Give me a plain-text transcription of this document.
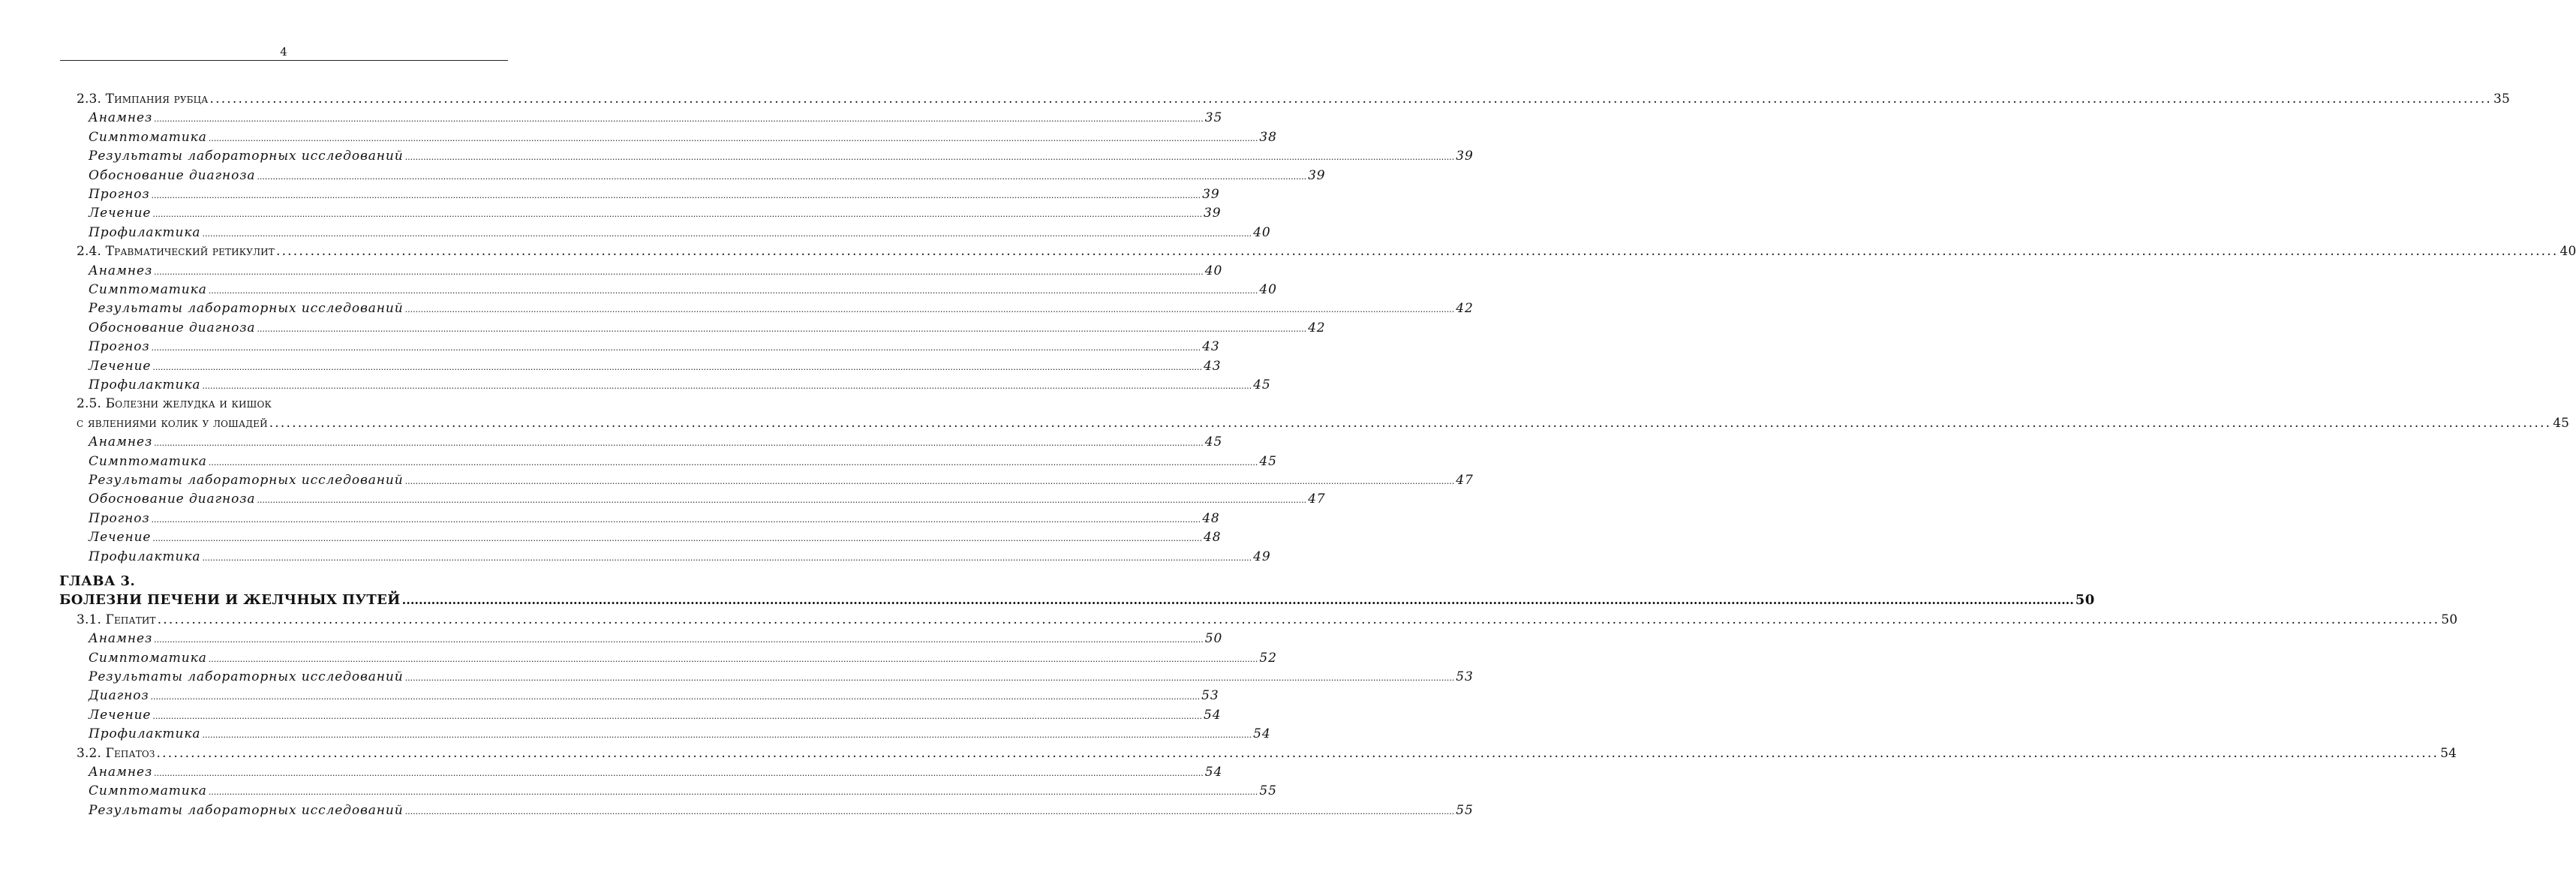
4
2.3. Тимпания рубца ................................................................................................................................................................................................................................................................................................................................................................................................................ 35
Анамнез ................................................................................................................................................................................................................................................................................................................................................................................................................ 35
Симптоматика ................................................................................................................................................................................................................................................................................................................................................................................................................ 38
Результаты лабораторных исследований ................................................................................................................................................................................................................................................................................................................................................................................................................ 39
Обоснование диагноза ................................................................................................................................................................................................................................................................................................................................................................................................................ 39
Прогноз ................................................................................................................................................................................................................................................................................................................................................................................................................ 39
Лечение ................................................................................................................................................................................................................................................................................................................................................................................................................ 39
Профилактика ................................................................................................................................................................................................................................................................................................................................................................................................................ 40
2.4. Травматический ретикулит ................................................................................................................................................................................................................................................................................................................................................................................................................ 40
Анамнез ................................................................................................................................................................................................................................................................................................................................................................................................................ 40
Симптоматика ................................................................................................................................................................................................................................................................................................................................................................................................................ 40
Результаты лабораторных исследований ................................................................................................................................................................................................................................................................................................................................................................................................................ 42
Обоснование диагноза ................................................................................................................................................................................................................................................................................................................................................................................................................ 42
Прогноз ................................................................................................................................................................................................................................................................................................................................................................................................................ 43
Лечение ................................................................................................................................................................................................................................................................................................................................................................................................................ 43
Профилактика ................................................................................................................................................................................................................................................................................................................................................................................................................ 45
2.5. Болезни желудка и кишок
с явлениями колик у лошадей ................................................................................................................................................................................................................................................................................................................................................................................................................ 45
Анамнез ................................................................................................................................................................................................................................................................................................................................................................................................................ 45
Симптоматика ................................................................................................................................................................................................................................................................................................................................................................................................................ 45
Результаты лабораторных исследований ................................................................................................................................................................................................................................................................................................................................................................................................................ 47
Обоснование диагноза ................................................................................................................................................................................................................................................................................................................................................................................................................ 47
Прогноз ................................................................................................................................................................................................................................................................................................................................................................................................................ 48
Лечение ................................................................................................................................................................................................................................................................................................................................................................................................................ 48
Профилактика ................................................................................................................................................................................................................................................................................................................................................................................................................ 49
ГЛАВА 3.
БОЛЕЗНИ ПЕЧЕНИ И ЖЕЛЧНЫХ ПУТЕЙ ................................................................................................................................................................................................................................................................................................................................................................................................................ 50
3.1. Гепатит ................................................................................................................................................................................................................................................................................................................................................................................................................ 50
Анамнез ................................................................................................................................................................................................................................................................................................................................................................................................................ 50
Симптоматика ................................................................................................................................................................................................................................................................................................................................................................................................................ 52
Результаты лабораторных исследований ................................................................................................................................................................................................................................................................................................................................................................................................................ 53
Диагноз ................................................................................................................................................................................................................................................................................................................................................................................................................ 53
Лечение ................................................................................................................................................................................................................................................................................................................................................................................................................ 54
Профилактика ................................................................................................................................................................................................................................................................................................................................................................................................................ 54
3.2. Гепатоз ................................................................................................................................................................................................................................................................................................................................................................................................................ 54
Анамнез ................................................................................................................................................................................................................................................................................................................................................................................................................ 54
Симптоматика ................................................................................................................................................................................................................................................................................................................................................................................................................ 55
Результаты лабораторных исследований ................................................................................................................................................................................................................................................................................................................................................................................................................ 55
